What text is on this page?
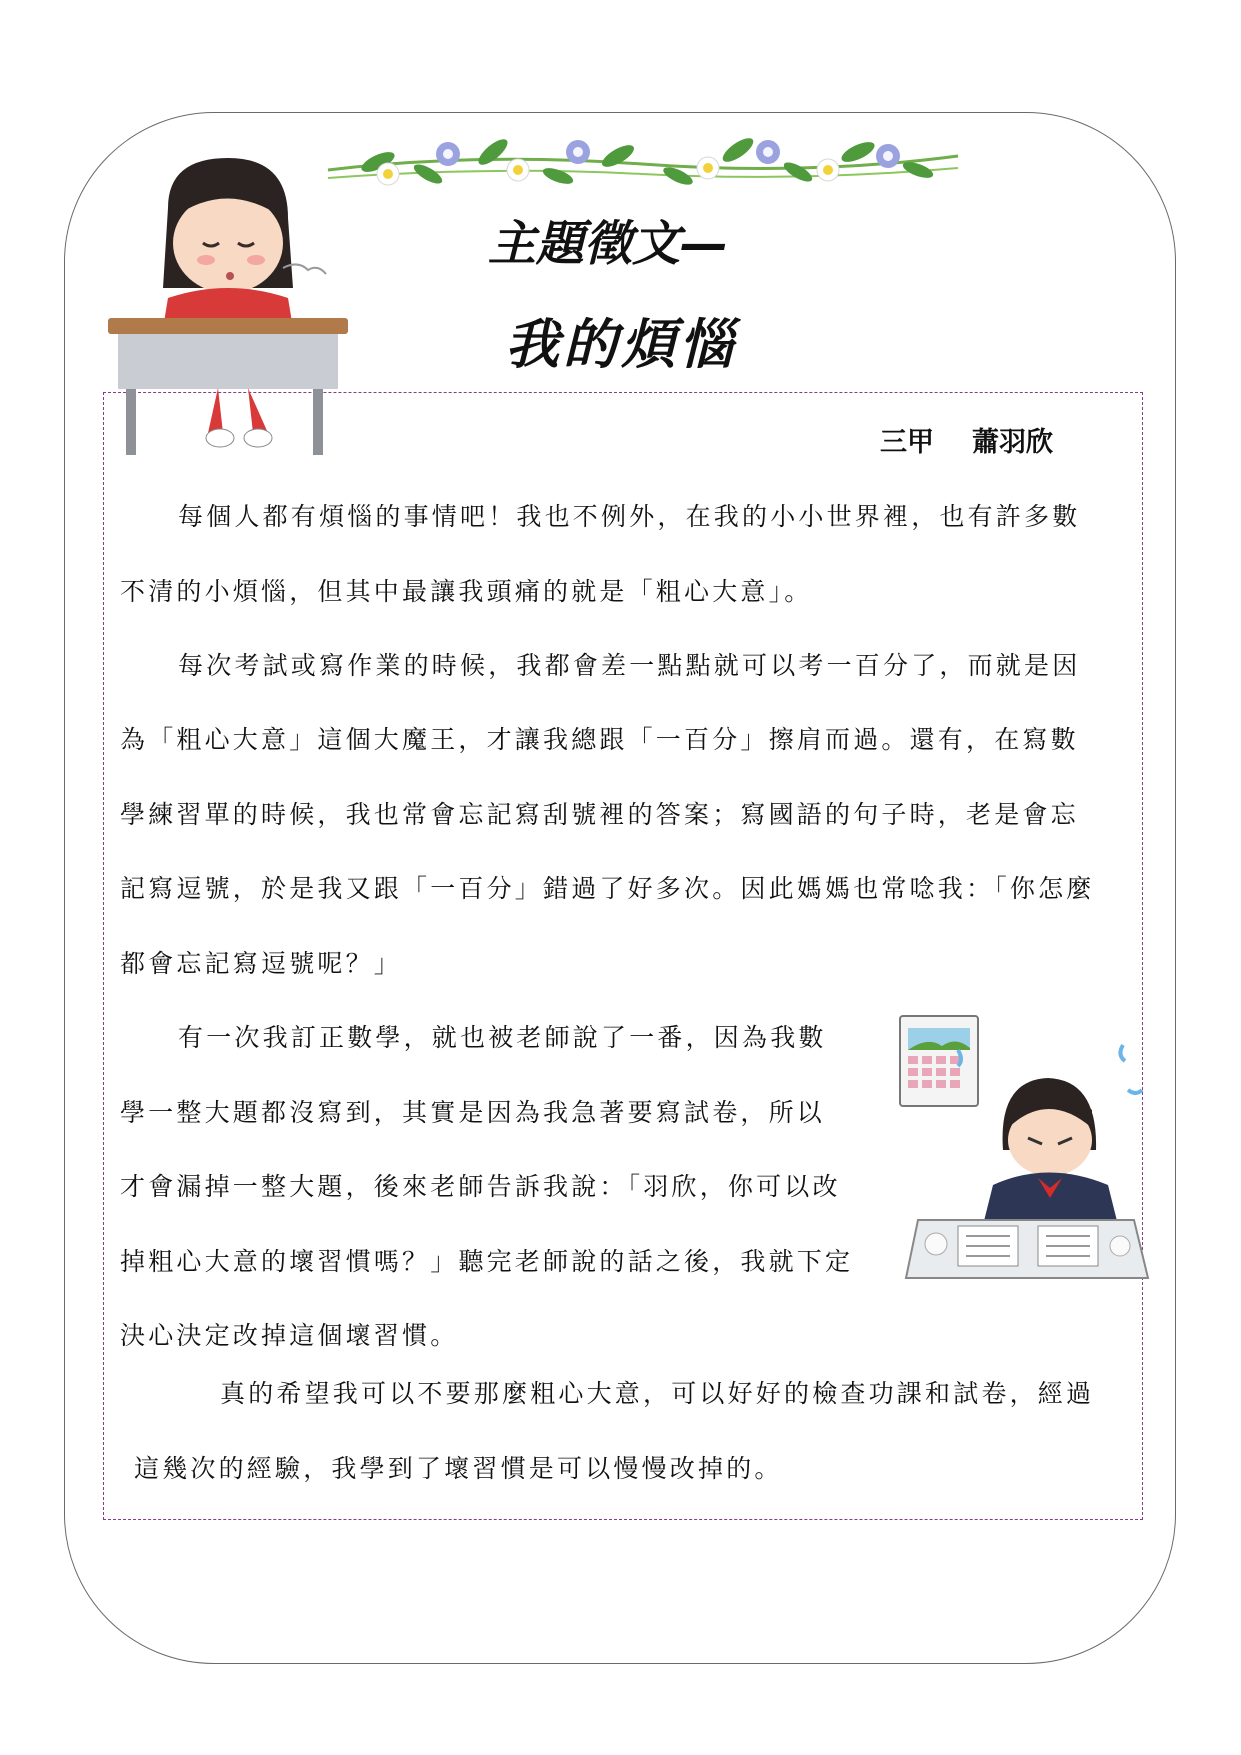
主題徵文—
我的煩惱
三甲 蕭羽欣
每個人都有煩惱的事情吧！我也不例外，在我的小小世界裡，也有許多數
不清的小煩惱，但其中最讓我頭痛的就是「粗心大意」。
每次考試或寫作業的時候，我都會差一點點就可以考一百分了，而就是因
為「粗心大意」這個大魔王，才讓我總跟「一百分」擦肩而過。還有，在寫數
學練習單的時候，我也常會忘記寫刮號裡的答案；寫國語的句子時，老是會忘
記寫逗號，於是我又跟「一百分」錯過了好多次。因此媽媽也常唸我：「你怎麼
都會忘記寫逗號呢？」
有一次我訂正數學，就也被老師說了一番，因為我數
學一整大題都沒寫到，其實是因為我急著要寫試卷，所以
才會漏掉一整大題，後來老師告訴我說：「羽欣，你可以改
掉粗心大意的壞習慣嗎？」聽完老師說的話之後，我就下定
決心決定改掉這個壞習慣。
真的希望我可以不要那麼粗心大意，可以好好的檢查功課和試卷，經過
這幾次的經驗，我學到了壞習慣是可以慢慢改掉的。
